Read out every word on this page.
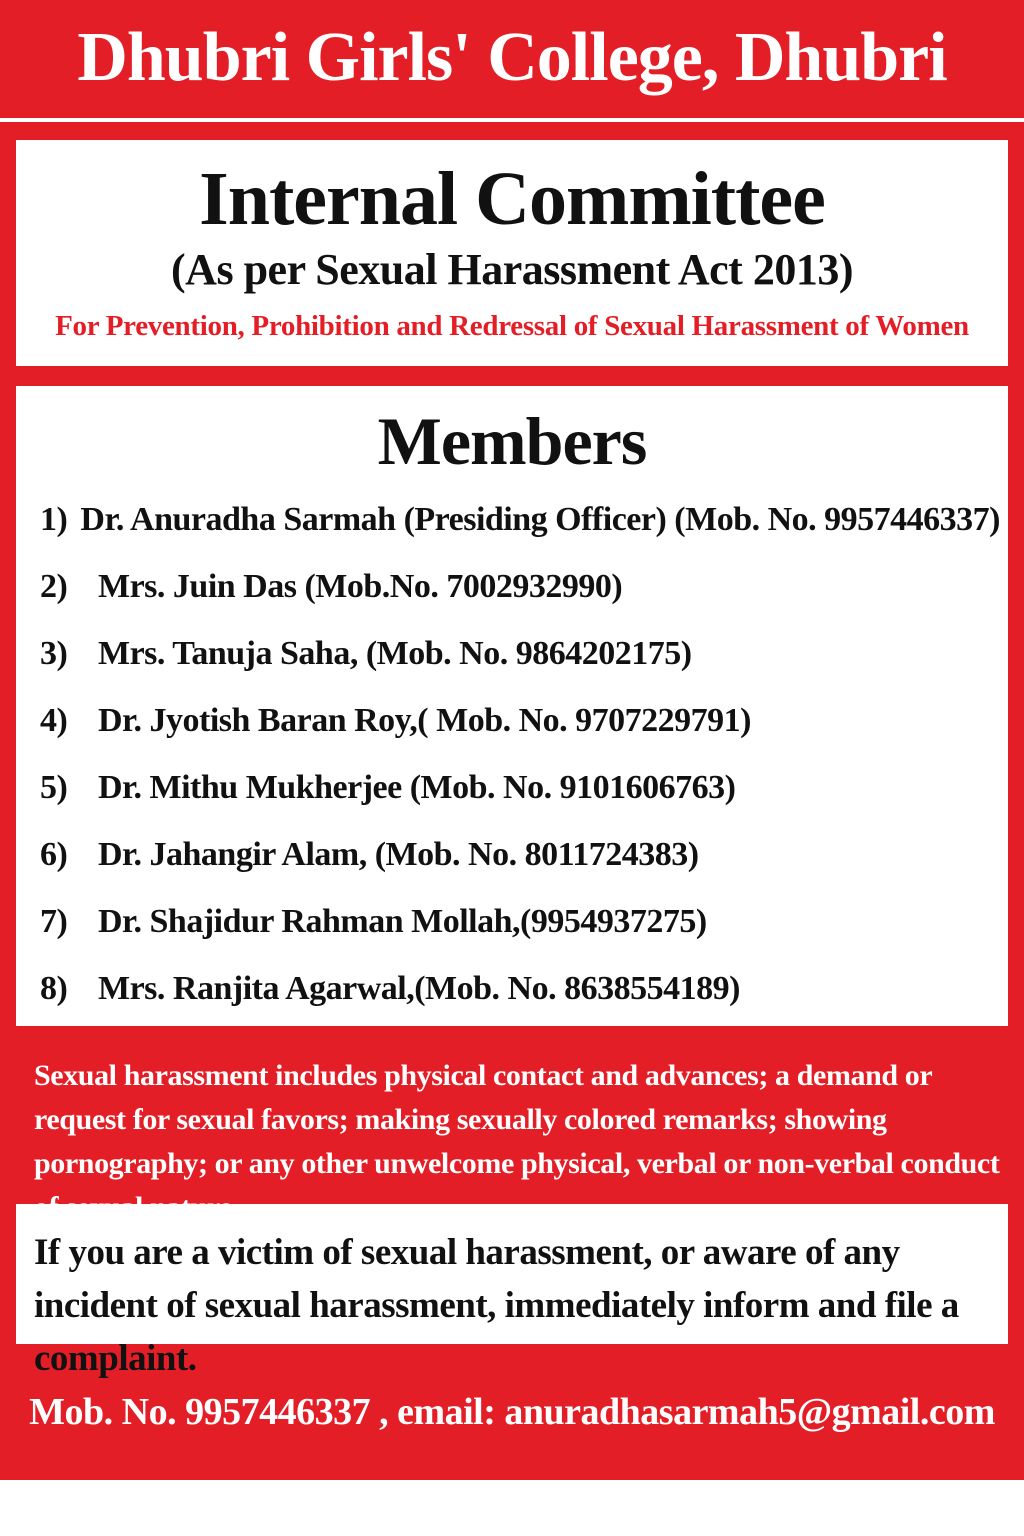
Dhubri Girls' College, Dhubri
Internal Committee
(As per Sexual Harassment Act 2013)
For Prevention, Prohibition and Redressal of Sexual Harassment of Women
Members
1) Dr. Anuradha Sarmah (Presiding Officer) (Mob. No. 9957446337)
2) Mrs. Juin Das (Mob.No. 7002932990)
3) Mrs. Tanuja Saha, (Mob. No. 9864202175)
4) Dr. Jyotish Baran Roy,( Mob. No. 9707229791)
5) Dr. Mithu Mukherjee (Mob. No. 9101606763)
6) Dr. Jahangir Alam, (Mob. No. 8011724383)
7) Dr. Shajidur Rahman Mollah,(9954937275)
8) Mrs. Ranjita Agarwal,(Mob. No. 8638554189)
Sexual harassment includes physical contact and advances; a demand or request for sexual favors; making sexually colored remarks; showing pornography; or any other unwelcome physical, verbal or non-verbal conduct
If you are a victim of sexual harassment, or aware of any incident of sexual harassment, immediately inform and file a complaint.
Mob. No. 9957446337 , email: anuradhasarmah5@gmail.com
